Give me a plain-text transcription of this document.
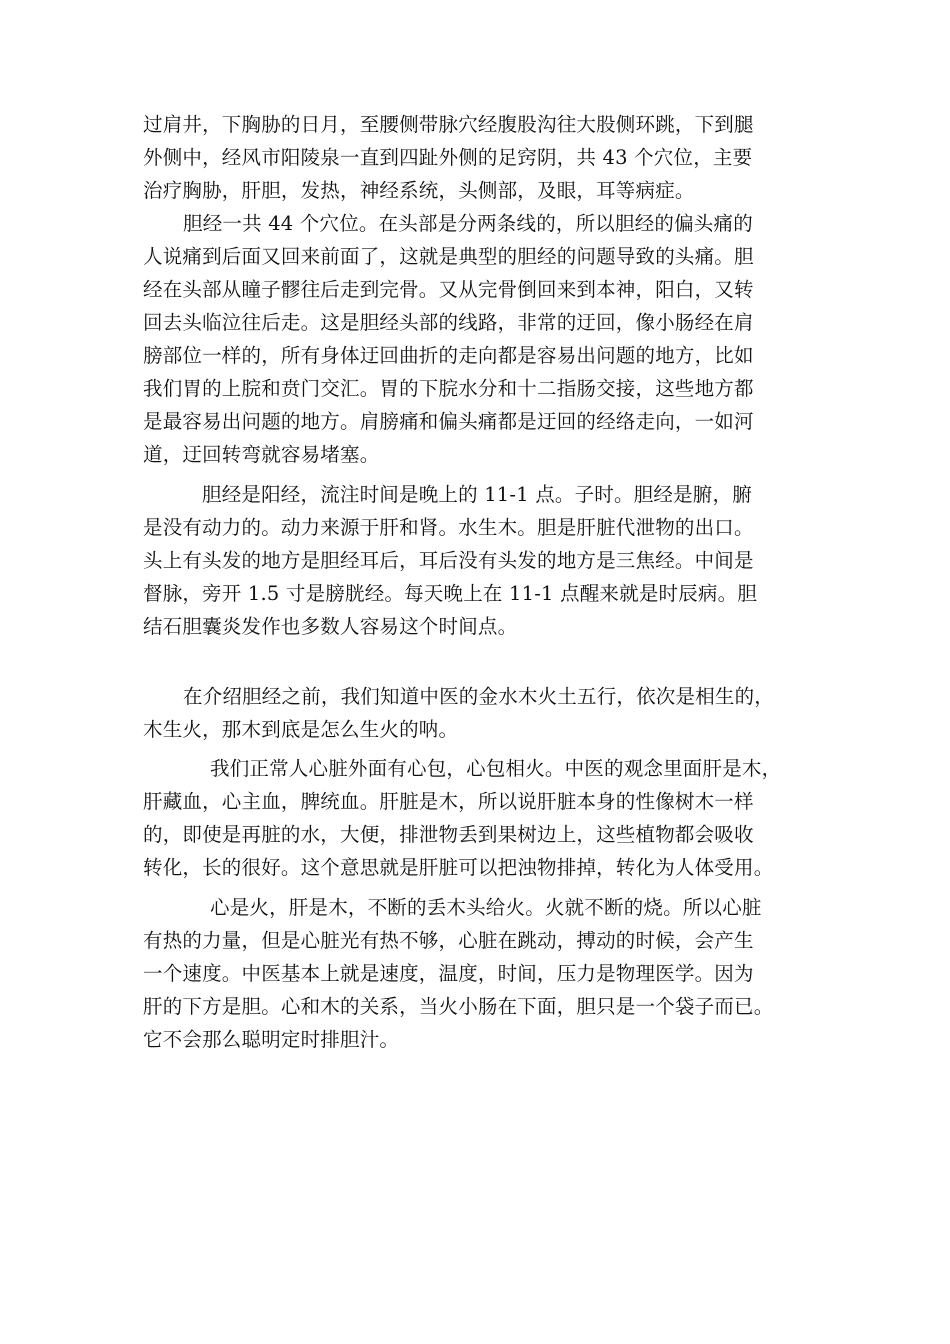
过肩井，下胸胁的日月，至腰侧带脉穴经腹股沟往大股侧环跳，下到腿
外侧中，经风市阳陵泉一直到四趾外侧的足窍阴，共 43 个穴位，主要
治疗胸胁，肝胆，发热，神经系统，头侧部，及眼，耳等病症。
胆经一共 44 个穴位。在头部是分两条线的，所以胆经的偏头痛的
人说痛到后面又回来前面了，这就是典型的胆经的问题导致的头痛。胆
经在头部从瞳子髎往后走到完骨。又从完骨倒回来到本神，阳白，又转
回去头临泣往后走。这是胆经头部的线路，非常的迂回，像小肠经在肩
膀部位一样的，所有身体迂回曲折的走向都是容易出问题的地方，比如
我们胃的上脘和贲门交汇。胃的下脘水分和十二指肠交接，这些地方都
是最容易出问题的地方。肩膀痛和偏头痛都是迂回的经络走向，一如河
道，迂回转弯就容易堵塞。
胆经是阳经，流注时间是晚上的 11-1 点。子时。胆经是腑，腑
是没有动力的。动力来源于肝和肾。水生木。胆是肝脏代泄物的出口。
头上有头发的地方是胆经耳后，耳后没有头发的地方是三焦经。中间是
督脉，旁开 1.5 寸是膀胱经。每天晚上在 11-1 点醒来就是时辰病。胆
结石胆囊炎发作也多数人容易这个时间点。
在介绍胆经之前，我们知道中医的金水木火土五行，依次是相生的，
木生火，那木到底是怎么生火的呐。
我们正常人心脏外面有心包，心包相火。中医的观念里面肝是木，
肝藏血，心主血，脾统血。肝脏是木，所以说肝脏本身的性像树木一样
的，即使是再脏的水，大便，排泄物丢到果树边上，这些植物都会吸收
转化，长的很好。这个意思就是肝脏可以把浊物排掉，转化为人体受用。
心是火，肝是木，不断的丢木头给火。火就不断的烧。所以心脏
有热的力量，但是心脏光有热不够，心脏在跳动，搏动的时候，会产生
一个速度。中医基本上就是速度，温度，时间，压力是物理医学。因为
肝的下方是胆。心和木的关系，当火小肠在下面，胆只是一个袋子而已。
它不会那么聪明定时排胆汁。
